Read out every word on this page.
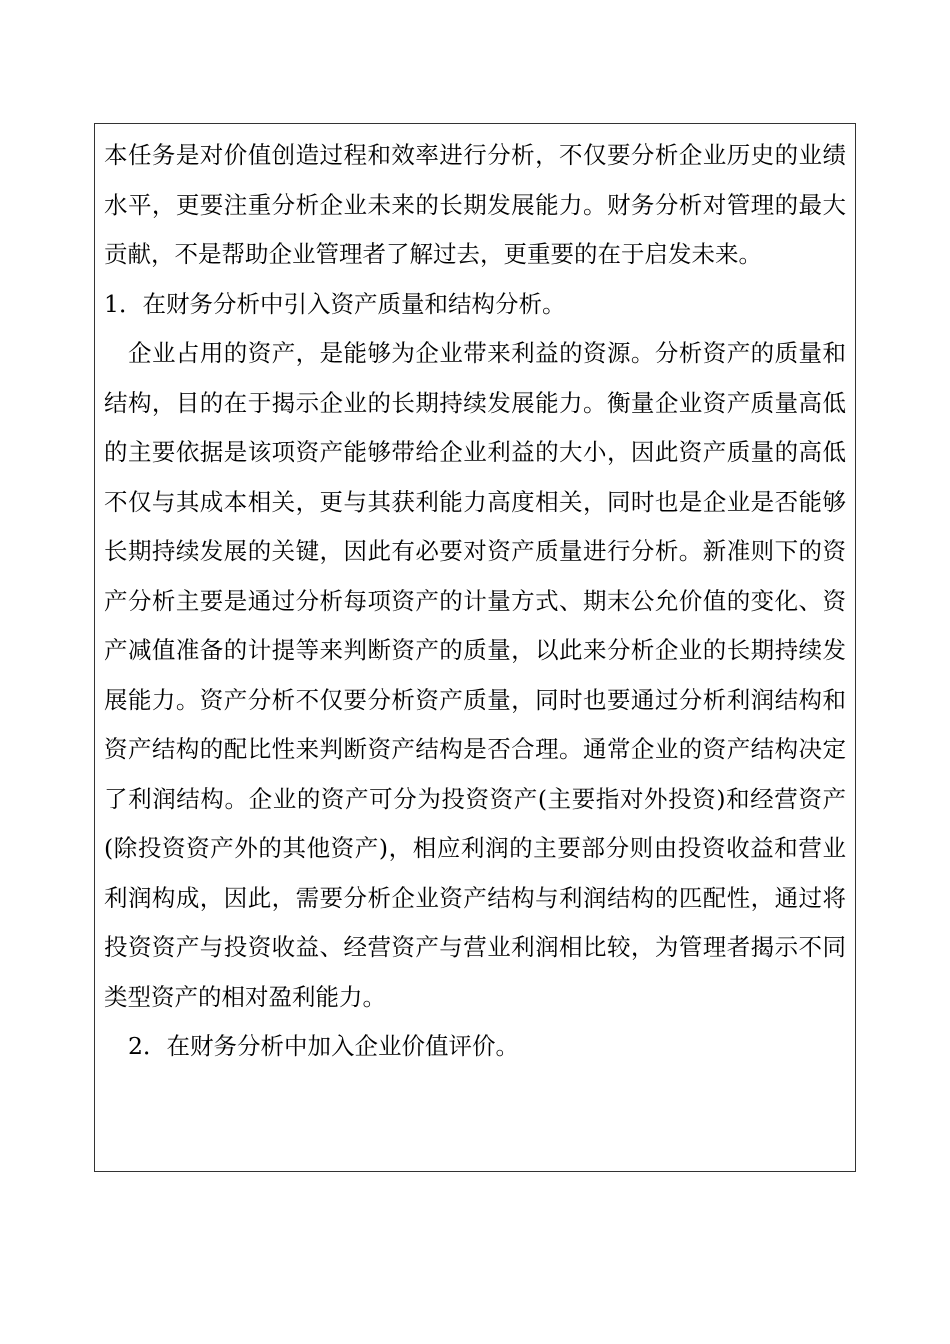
本任务是对价值创造过程和效率进行分析，不仅要分析企业历史的业绩水平，更要注重分析企业未来的长期发展能力。财务分析对管理的最大贡献，不是帮助企业管理者了解过去，更重要的在于启发未来。

1．在财务分析中引入资产质量和结构分析。

企业占用的资产，是能够为企业带来利益的资源。分析资产的质量和结构，目的在于揭示企业的长期持续发展能力。衡量企业资产质量高低的主要依据是该项资产能够带给企业利益的大小，因此资产质量的高低不仅与其成本相关，更与其获利能力高度相关，同时也是企业是否能够长期持续发展的关键，因此有必要对资产质量进行分析。新准则下的资产分析主要是通过分析每项资产的计量方式、期末公允价值的变化、资产减值准备的计提等来判断资产的质量，以此来分析企业的长期持续发展能力。资产分析不仅要分析资产质量，同时也要通过分析利润结构和资产结构的配比性来判断资产结构是否合理。通常企业的资产结构决定了利润结构。企业的资产可分为投资资产(主要指对外投资)和经营资产(除投资资产外的其他资产)，相应利润的主要部分则由投资收益和营业利润构成，因此，需要分析企业资产结构与利润结构的匹配性，通过将投资资产与投资收益、经营资产与营业利润相比较，为管理者揭示不同类型资产的相对盈利能力。

2．在财务分析中加入企业价值评价。
